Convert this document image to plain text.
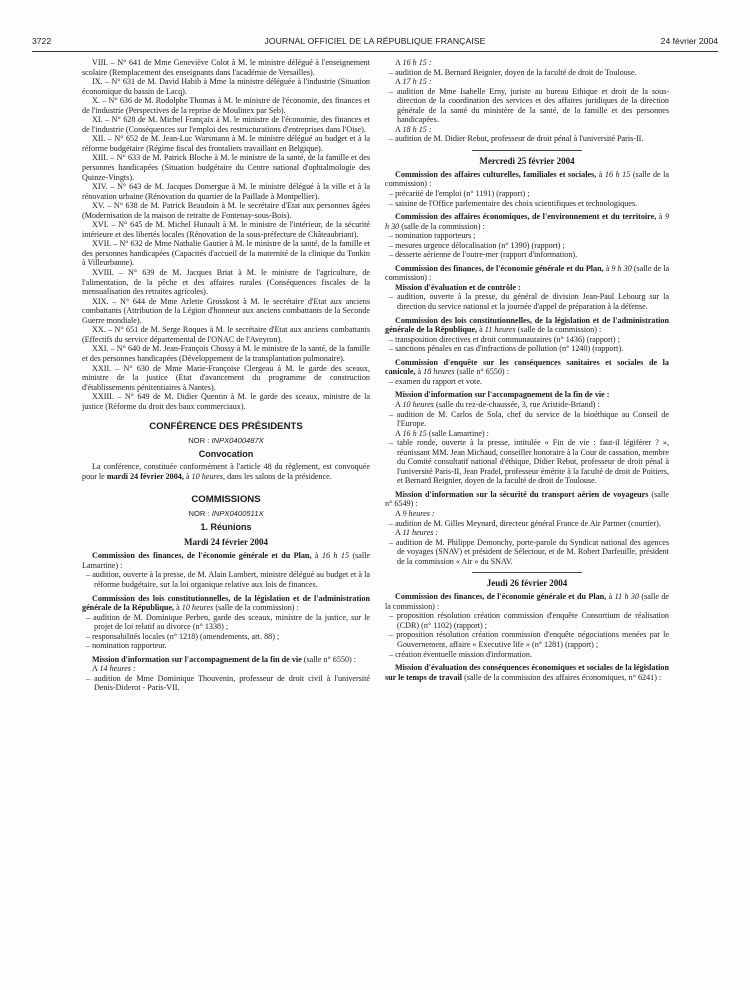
3722	JOURNAL OFFICIEL DE LA RÉPUBLIQUE FRANÇAISE	24 février 2004

VIII. – N° 641 de Mme Geneviève Colot à M. le ministre délégué à l'enseignement scolaire (Remplacement des enseignants dans l'académie de Versailles).

IX. – N° 631 de M. David Habib à Mme la ministre déléguée à l'industrie (Situation économique du bassin de Lacq).

X. – N° 636 de M. Rodolphe Thomas à M. le ministre de l'économie, des finances et de l'industrie (Perspectives de la reprise de Moulinex par Seb).

XI. – N° 628 de M. Michel Françaix à M. le ministre de l'économie, des finances et de l'industrie (Conséquences sur l'emploi des restructurations d'entreprises dans l'Oise).

XII. – N° 652 de M. Jean-Luc Warsmann à M. le ministre délégué au budget et à la réforme budgétaire (Régime fiscal des frontaliers travaillant en Belgique).

XIII. – N° 633 de M. Patrick Bloche à M. le ministre de la santé, de la famille et des personnes handicapées (Situation budgétaire du Centre national d'ophtalmologie des Quinze-Vingts).

XIV. – N° 643 de M. Jacques Domergue à M. le ministre délégué à la ville et à la rénovation urbaine (Rénovation du quartier de la Paillade à Montpellier).

XV. – N° 638 de M. Patrick Beaudoin à M. le secrétaire d'Etat aux personnes âgées (Modernisation de la maison de retraite de Fontenay-sous-Bois).

XVI. – N° 645 de M. Michel Hunault à M. le ministre de l'intérieur, de la sécurité intérieure et des libertés locales (Rénovation de la sous-préfecture de Châteaubriant).

XVII. – N° 632 de Mme Nathalie Gautier à M. le ministre de la santé, de la famille et des personnes handicapées (Capacités d'accueil de la maternité de la clinique du Tonkin à Villeurbanne).

XVIII. – N° 639 de M. Jacques Briat à M. le ministre de l'agriculture, de l'alimentation, de la pêche et des affaires rurales (Conséquences fiscales de la mensualisation des retraites agricoles).

XIX. – N° 644 de Mme Arlette Grosskost à M. le secrétaire d'Etat aux anciens combattants (Attribution de la Légion d'honneur aux anciens combattants de la Seconde Guerre mondiale).

XX. – N° 651 de M. Serge Roques à M. le secrétaire d'Etat aux anciens combattants (Effectifs du service départemental de l'ONAC de l'Aveyron).

XXI. – N° 640 de M. Jean-François Chossy à M. le ministre de la santé, de la famille et des personnes handicapées (Développement de la transplantation pulmonaire).

XXII. – N° 630 de Mme Marie-Françoise Clergeau à M. le garde des sceaux, ministre de la justice (Etat d'avancement du programme de construction d'établissements pénitentiaires à Nantes).

XXIII. – N° 649 de M. Didier Quentin à M. le garde des sceaux, ministre de la justice (Réforme du droit des baux commerciaux).

CONFÉRENCE DES PRÉSIDENTS
NOR : INPX0400487X
Convocation

La conférence, constituée conformément à l'article 48 du règlement, est convoquée pour le mardi 24 février 2004, à 10 heures, dans les salons de la présidence.

COMMISSIONS
NOR : INPX0400511X
1. Réunions
Mardi 24 février 2004

Commission des finances, de l'économie générale et du Plan, à 16 h 15 (salle Lamartine) :

– audition, ouverte à la presse, de M. Alain Lambert, ministre délégué au budget et à la réforme budgétaire, sur la loi organique relative aux lois de finances.

Commission des lois constitutionnelles, de la législation et de l'administration générale de la République, à 10 heures (salle de la commission) :

– audition de M. Dominique Perben, garde des sceaux, ministre de la justice, sur le projet de loi relatif au divorce (n° 1338) ;

– responsabilités locales (n° 1218) (amendements, art. 88) ;

– nomination rapporteur.

Mission d'information sur l'accompagnement de la fin de vie (salle n° 6550) :

A 14 heures :

– audition de Mme Dominique Thouvenin, professeur de droit civil à l'université Denis-Diderot - Paris-VII.

A 16 h 15 :

– audition de M. Bernard Beignier, doyen de la faculté de droit de Toulouse.

A 17 h 15 :

– audition de Mme Isabelle Erny, juriste au bureau Ethique et droit de la sous-direction de la coordination des services et des affaires juridiques de la direction générale de la santé du ministère de la santé, de la famille et des personnes handicapées.

A 18 h 15 :

– audition de M. Didier Rebut, professeur de droit pénal à l'université Paris-II.

Mercredi 25 février 2004

Commission des affaires culturelles, familiales et sociales, à 16 h 15 (salle de la commission) :

– précarité de l'emploi (n° 1191) (rapport) ;

– saisine de l'Office parlementaire des choix scientifiques et technologiques.

Commission des affaires économiques, de l'environnement et du territoire, à 9 h 30 (salle de la commission) :

– nomination rapporteurs ;

– mesures urgence délocalisation (n° 1390) (rapport) ;

– desserte aérienne de l'outre-mer (rapport d'information).

Commission des finances, de l'économie générale et du Plan, à 9 h 30 (salle de la commission) :

Mission d'évaluation et de contrôle :

– audition, ouverte à la presse, du général de division Jean-Paul Lebourg sur la direction du service national et la journée d'appel de préparation à la défense.

Commission des lois constitutionnelles, de la législation et de l'administration générale de la République, à 11 heures (salle de la commission) :

– transposition directives et droit communautaires (n° 1436) (rapport) ;

– sanctions pénales en cas d'infractions de pollution (n° 1240) (rapport).

Commission d'enquête sur les conséquences sanitaires et sociales de la canicule, à 18 heures (salle n° 6550) :

– examen du rapport et vote.

Mission d'information sur l'accompagnement de la fin de vie :

A 10 heures (salle du rez-de-chaussée, 3, rue Aristide-Briand) :

– audition de M. Carlos de Sola, chef du service de la bioéthique au Conseil de l'Europe.

A 16 h 15 (salle Lamartine) :

– table ronde, ouverte à la presse, intitulée « Fin de vie : faut-il légiférer ? », réunissant MM. Jean Michaud, conseiller honoraire à la Cour de cassation, membre du Comité consultatif national d'éthique, Didier Rebut, professeur de droit pénal à l'université Paris-II, Jean Pradel, professeur émérite à la faculté de droit de Poitiers, et Bernard Beignier, doyen de la faculté de droit de Toulouse.

Mission d'information sur la sécurité du transport aérien de voyageurs (salle n° 6549) :

A 9 heures :

– audition de M. Gilles Meynard, directeur général France de Air Partner (courtier).

A 11 heures :

– audition de M. Philippe Demonchy, porte-parole du Syndicat national des agences de voyages (SNAV) et président de Sélectour, et de M. Robert Darfeuille, président de la commission « Air » du SNAV.

Jeudi 26 février 2004

Commission des finances, de l'économie générale et du Plan, à 11 h 30 (salle de la commission) :

– proposition résolution création commission d'enquête Consortium de réalisation (CDR) (n° 1102) (rapport) ;

– proposition résolution création commission d'enquête négociations menées par le Gouvernement, affaire « Executive life » (n° 1281) (rapport) ;

– création éventuelle mission d'information.

Mission d'évaluation des conséquences économiques et sociales de la législation sur le temps de travail (salle de la commission des affaires économiques, n° 6241) :
